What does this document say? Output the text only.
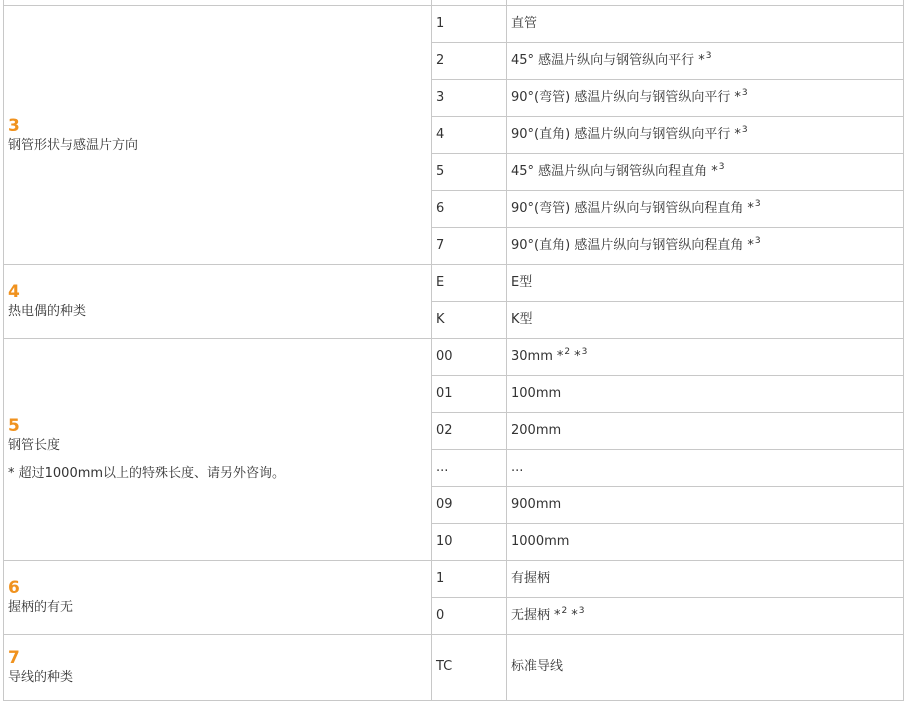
3
钢管形状与感温片方向	1	直管
	2	45° 感温片纵向与钢管纵向平行 *$^3$
	3	90°(弯管) 感温片纵向与钢管纵向平行 *$^3$
	4	90°(直角) 感温片纵向与钢管纵向平行 *$^3$
	5	45° 感温片纵向与钢管纵向程直角 *$^3$
	6	90°(弯管) 感温片纵向与钢管纵向程直角 *$^3$
	7	90°(直角) 感温片纵向与钢管纵向程直角 *$^3$

4
热电偶的种类	E	E型
	K	K型

5
钢管长度
* 超过1000mm以上的特殊长度、请另外咨询。	00	30mm *$^2$ *$^3$
	01	100mm
	02	200mm
	...	...
	09	900mm
	10	1000mm

6
握柄的有无	1	有握柄
	0	无握柄 *$^2$ *$^3$

7
导线的种类	TC	标准导线
